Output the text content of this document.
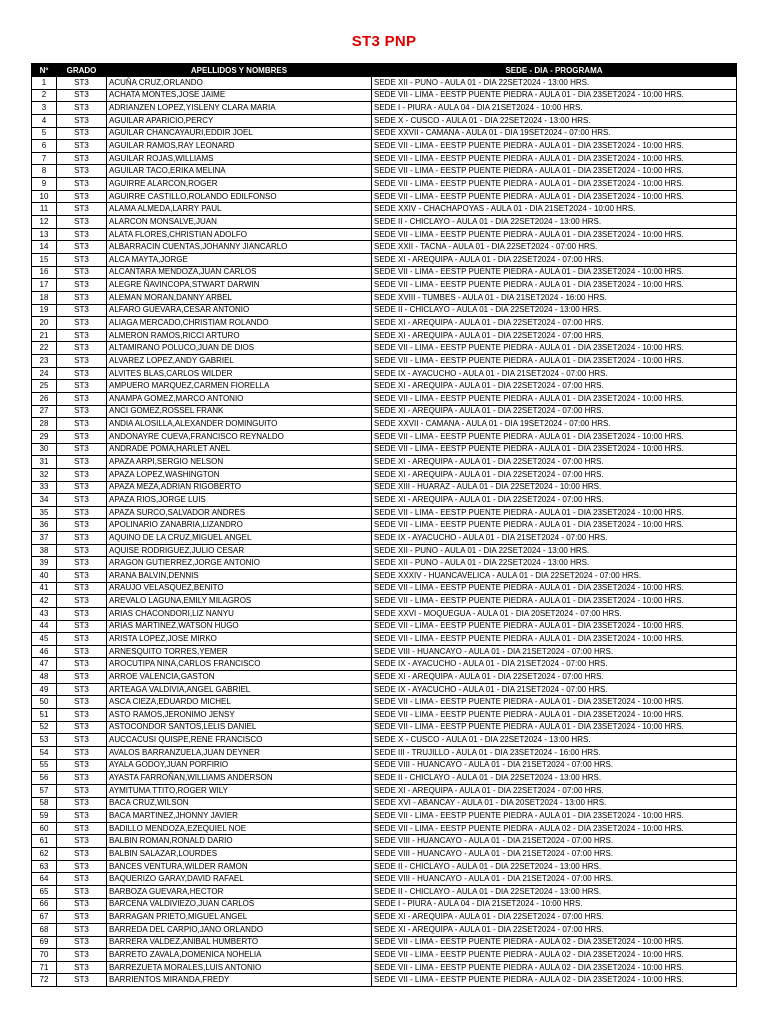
ST3 PNP
Nº	GRADO	APELLIDOS Y NOMBRES	SEDE - DIA - PROGRAMA
1	ST3	ACUÑA CRUZ,ORLANDO	SEDE XII - PUNO - AULA 01 - DIA 22SET2024 - 13:00 HRS.
2	ST3	ACHATA MONTES,JOSE JAIME	SEDE VII - LIMA - EESTP PUENTE PIEDRA - AULA 01 - DIA 23SET2024 - 10:00 HRS.
3	ST3	ADRIANZEN LOPEZ,YISLENY CLARA MARIA	SEDE I - PIURA - AULA 04 - DIA 21SET2024 - 10:00 HRS.
4	ST3	AGUILAR APARICIO,PERCY	SEDE X - CUSCO - AULA 01 - DIA 22SET2024 - 13:00 HRS.
5	ST3	AGUILAR CHANCAYAURI,EDDIR JOEL	SEDE XXVII - CAMANA - AULA 01 - DIA 19SET2024 - 07:00 HRS.
6	ST3	AGUILAR RAMOS,RAY LEONARD	SEDE VII - LIMA - EESTP PUENTE PIEDRA - AULA 01 - DIA 23SET2024 - 10:00 HRS.
7	ST3	AGUILAR ROJAS,WILLIAMS	SEDE VII - LIMA - EESTP PUENTE PIEDRA - AULA 01 - DIA 23SET2024 - 10:00 HRS.
8	ST3	AGUILAR TACO,ERIKA MELINA	SEDE VII - LIMA - EESTP PUENTE PIEDRA - AULA 01 - DIA 23SET2024 - 10:00 HRS.
9	ST3	AGUIRRE ALARCON,ROGER	SEDE VII - LIMA - EESTP PUENTE PIEDRA - AULA 01 - DIA 23SET2024 - 10:00 HRS.
10	ST3	AGUIRRE CASTILLO,ROLANDO EDILFONSO	SEDE VII - LIMA - EESTP PUENTE PIEDRA - AULA 01 - DIA 23SET2024 - 10:00 HRS.
11	ST3	ALAMA ALMEDA,LARRY PAUL	SEDE XXIV - CHACHAPOYAS - AULA 01 - DIA 21SET2024 - 10:00 HRS.
12	ST3	ALARCON MONSALVE,JUAN	SEDE II - CHICLAYO - AULA 01 - DIA 22SET2024 - 13:00 HRS.
13	ST3	ALATA FLORES,CHRISTIAN ADOLFO	SEDE VII - LIMA - EESTP PUENTE PIEDRA - AULA 01 - DIA 23SET2024 - 10:00 HRS.
14	ST3	ALBARRACIN CUENTAS,JOHANNY JIANCARLO	SEDE XXII - TACNA - AULA 01 - DIA 22SET2024 - 07:00 HRS.
15	ST3	ALCA MAYTA,JORGE	SEDE XI - AREQUIPA - AULA 01 - DIA 22SET2024 - 07:00 HRS.
16	ST3	ALCANTARA MENDOZA,JUAN CARLOS	SEDE VII - LIMA - EESTP PUENTE PIEDRA - AULA 01 - DIA 23SET2024 - 10:00 HRS.
17	ST3	ALEGRE ÑAVINCOPA,STWART DARWIN	SEDE VII - LIMA - EESTP PUENTE PIEDRA - AULA 01 - DIA 23SET2024 - 10:00 HRS.
18	ST3	ALEMAN MORAN,DANNY ARBEL	SEDE XVIII - TUMBES - AULA 01 - DIA 21SET2024 - 16:00 HRS.
19	ST3	ALFARO GUEVARA,CESAR ANTONIO	SEDE II - CHICLAYO - AULA 01 - DIA 22SET2024 - 13:00 HRS.
20	ST3	ALIAGA MERCADO,CHRISTIAM ROLANDO	SEDE XI - AREQUIPA - AULA 01 - DIA 22SET2024 - 07:00 HRS.
21	ST3	ALMERON RAMOS,RICCI ARTURO	SEDE XI - AREQUIPA - AULA 01 - DIA 22SET2024 - 07:00 HRS.
22	ST3	ALTAMIRANO POLUCO,JUAN DE DIOS	SEDE VII - LIMA - EESTP PUENTE PIEDRA - AULA 01 - DIA 23SET2024 - 10:00 HRS.
23	ST3	ALVAREZ LOPEZ,ANDY GABRIEL	SEDE VII - LIMA - EESTP PUENTE PIEDRA - AULA 01 - DIA 23SET2024 - 10:00 HRS.
24	ST3	ALVITES BLAS,CARLOS WILDER	SEDE IX - AYACUCHO - AULA 01 - DIA 21SET2024 - 07:00 HRS.
25	ST3	AMPUERO MARQUEZ,CARMEN FIORELLA	SEDE XI - AREQUIPA - AULA 01 - DIA 22SET2024 - 07:00 HRS.
26	ST3	ANAMPA GOMEZ,MARCO ANTONIO	SEDE VII - LIMA - EESTP PUENTE PIEDRA - AULA 01 - DIA 23SET2024 - 10:00 HRS.
27	ST3	ANCI GOMEZ,ROSSEL FRANK	SEDE XI - AREQUIPA - AULA 01 - DIA 22SET2024 - 07:00 HRS.
28	ST3	ANDIA ALOSILLA,ALEXANDER DOMINGUITO	SEDE XXVII - CAMANA - AULA 01 - DIA 19SET2024 - 07:00 HRS.
29	ST3	ANDONAYRE CUEVA,FRANCISCO REYNALDO	SEDE VII - LIMA - EESTP PUENTE PIEDRA - AULA 01 - DIA 23SET2024 - 10:00 HRS.
30	ST3	ANDRADE POMA,HARLET ANEL	SEDE VII - LIMA - EESTP PUENTE PIEDRA - AULA 01 - DIA 23SET2024 - 10:00 HRS.
31	ST3	APAZA ARPI,SERGIO NELSON	SEDE XI - AREQUIPA - AULA 01 - DIA 22SET2024 - 07:00 HRS.
32	ST3	APAZA LOPEZ,WASHINGTON	SEDE XI - AREQUIPA - AULA 01 - DIA 22SET2024 - 07:00 HRS.
33	ST3	APAZA MEZA,ADRIAN RIGOBERTO	SEDE XIII - HUARAZ - AULA 01 - DIA 22SET2024 - 10:00 HRS.
34	ST3	APAZA RIOS,JORGE LUIS	SEDE XI - AREQUIPA - AULA 01 - DIA 22SET2024 - 07:00 HRS.
35	ST3	APAZA SURCO,SALVADOR ANDRES	SEDE VII - LIMA - EESTP PUENTE PIEDRA - AULA 01 - DIA 23SET2024 - 10:00 HRS.
36	ST3	APOLINARIO ZANABRIA,LIZANDRO	SEDE VII - LIMA - EESTP PUENTE PIEDRA - AULA 01 - DIA 23SET2024 - 10:00 HRS.
37	ST3	AQUINO DE LA CRUZ,MIGUEL ANGEL	SEDE IX - AYACUCHO - AULA 01 - DIA 21SET2024 - 07:00 HRS.
38	ST3	AQUISE RODRIGUEZ,JULIO CESAR	SEDE XII - PUNO - AULA 01 - DIA 22SET2024 - 13:00 HRS.
39	ST3	ARAGON GUTIERREZ,JORGE ANTONIO	SEDE XII - PUNO - AULA 01 - DIA 22SET2024 - 13:00 HRS.
40	ST3	ARANA BALVIN,DENNIS	SEDE XXXIV - HUANCAVELICA - AULA 01 - DIA 22SET2024 - 07:00 HRS.
41	ST3	ARAUJO VELASQUEZ,BENITO	SEDE VII - LIMA - EESTP PUENTE PIEDRA - AULA 01 - DIA 23SET2024 - 10:00 HRS.
42	ST3	AREVALO LAGUNA,EMILY MILAGROS	SEDE VII - LIMA - EESTP PUENTE PIEDRA - AULA 01 - DIA 23SET2024 - 10:00 HRS.
43	ST3	ARIAS CHACONDORI,LIZ NANYU	SEDE XXVI - MOQUEGUA - AULA 01 - DIA 20SET2024 - 07:00 HRS.
44	ST3	ARIAS MARTINEZ,WATSON HUGO	SEDE VII - LIMA - EESTP PUENTE PIEDRA - AULA 01 - DIA 23SET2024 - 10:00 HRS.
45	ST3	ARISTA LOPEZ,JOSE MIRKO	SEDE VII - LIMA - EESTP PUENTE PIEDRA - AULA 01 - DIA 23SET2024 - 10:00 HRS.
46	ST3	ARNESQUITO TORRES,YEMER	SEDE VIII - HUANCAYO - AULA 01 - DIA 21SET2024 - 07:00 HRS.
47	ST3	AROCUTIPA NINA,CARLOS FRANCISCO	SEDE IX - AYACUCHO - AULA 01 - DIA 21SET2024 - 07:00 HRS.
48	ST3	ARROE VALENCIA,GASTON	SEDE XI - AREQUIPA - AULA 01 - DIA 22SET2024 - 07:00 HRS.
49	ST3	ARTEAGA VALDIVIA,ANGEL GABRIEL	SEDE IX - AYACUCHO - AULA 01 - DIA 21SET2024 - 07:00 HRS.
50	ST3	ASCA CIEZA,EDUARDO MICHEL	SEDE VII - LIMA - EESTP PUENTE PIEDRA - AULA 01 - DIA 23SET2024 - 10:00 HRS.
51	ST3	ASTO RAMOS,JERONIMO JENSY	SEDE VII - LIMA - EESTP PUENTE PIEDRA - AULA 01 - DIA 23SET2024 - 10:00 HRS.
52	ST3	ASTOCONDOR SANTOS,LELIS DANIEL	SEDE VII - LIMA - EESTP PUENTE PIEDRA - AULA 01 - DIA 23SET2024 - 10:00 HRS.
53	ST3	AUCCACUSI QUISPE,RENE FRANCISCO	SEDE X - CUSCO - AULA 01 - DIA 22SET2024 - 13:00 HRS.
54	ST3	AVALOS BARRANZUELA,JUAN DEYNER	SEDE III - TRUJILLO - AULA 01 - DIA 23SET2024 - 16:00 HRS.
55	ST3	AYALA GODOY,JUAN PORFIRIO	SEDE VIII - HUANCAYO - AULA 01 - DIA 21SET2024 - 07:00 HRS.
56	ST3	AYASTA FARROÑAN,WILLIAMS ANDERSON	SEDE II - CHICLAYO - AULA 01 - DIA 22SET2024 - 13:00 HRS.
57	ST3	AYMITUMA TTITO,ROGER WILY	SEDE XI - AREQUIPA - AULA 01 - DIA 22SET2024 - 07:00 HRS.
58	ST3	BACA CRUZ,WILSON	SEDE XVI - ABANCAY - AULA 01 - DIA 20SET2024 - 13:00 HRS.
59	ST3	BACA MARTINEZ,JHONNY JAVIER	SEDE VII - LIMA - EESTP PUENTE PIEDRA - AULA 01 - DIA 23SET2024 - 10:00 HRS.
60	ST3	BADILLO MENDOZA,EZEQUIEL NOE	SEDE VII - LIMA - EESTP PUENTE PIEDRA - AULA 02 - DIA 23SET2024 - 10:00 HRS.
61	ST3	BALBIN ROMAN,RONALD DARIO	SEDE VIII - HUANCAYO - AULA 01 - DIA 21SET2024 - 07:00 HRS.
62	ST3	BALBIN SALAZAR,LOURDES	SEDE VIII - HUANCAYO - AULA 01 - DIA 21SET2024 - 07:00 HRS.
63	ST3	BANCES VENTURA,WILDER RAMON	SEDE II - CHICLAYO - AULA 01 - DIA 22SET2024 - 13:00 HRS.
64	ST3	BAQUERIZO GARAY,DAVID RAFAEL	SEDE VIII - HUANCAYO - AULA 01 - DIA 21SET2024 - 07:00 HRS.
65	ST3	BARBOZA GUEVARA,HECTOR	SEDE II - CHICLAYO - AULA 01 - DIA 22SET2024 - 13:00 HRS.
66	ST3	BARCENA VALDIVIEZO,JUAN CARLOS	SEDE I - PIURA - AULA 04 - DIA 21SET2024 - 10:00 HRS.
67	ST3	BARRAGAN PRIETO,MIGUEL ANGEL	SEDE XI - AREQUIPA - AULA 01 - DIA 22SET2024 - 07:00 HRS.
68	ST3	BARREDA DEL CARPIO,JANO ORLANDO	SEDE XI - AREQUIPA - AULA 01 - DIA 22SET2024 - 07:00 HRS.
69	ST3	BARRERA VALDEZ,ANIBAL HUMBERTO	SEDE VII - LIMA - EESTP PUENTE PIEDRA - AULA 02 - DIA 23SET2024 - 10:00 HRS.
70	ST3	BARRETO ZAVALA,DOMENICA NOHELIA	SEDE VII - LIMA - EESTP PUENTE PIEDRA - AULA 02 - DIA 23SET2024 - 10:00 HRS.
71	ST3	BARREZUETA MORALES,LUIS ANTONIO	SEDE VII - LIMA - EESTP PUENTE PIEDRA - AULA 02 - DIA 23SET2024 - 10:00 HRS.
72	ST3	BARRIENTOS MIRANDA,FREDY	SEDE VII - LIMA - EESTP PUENTE PIEDRA - AULA 02 - DIA 23SET2024 - 10:00 HRS.
